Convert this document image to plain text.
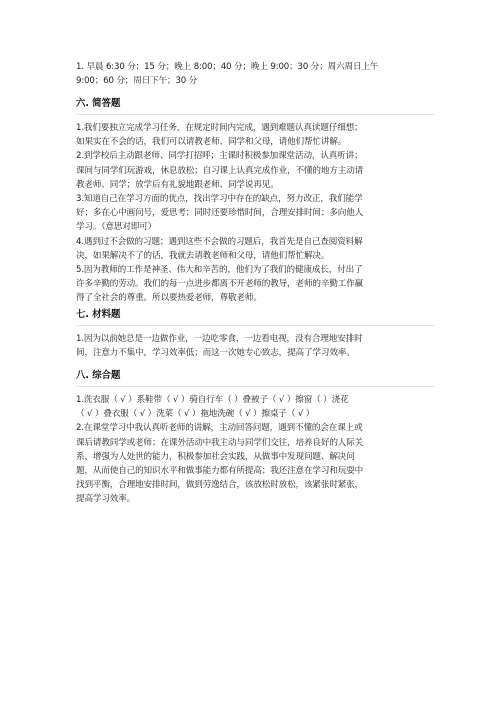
1. 早晨 6:30 分；15 分；晚上 8:00；40 分；晚上 9:00；30 分；周六周日上午
9:00；60 分；周日下午；30 分
六. 简答题
1.我们要独立完成学习任务，在规定时间内完成，遇到难题认真读题仔细想；
如果实在不会的话，我们可以请教老师、同学和父母，请他们帮忙讲解。
2.到学校后主动跟老师、同学打招呼；主课时积极参加课堂活动，认真听讲；
课间与同学们玩游戏，休息放松；自习课上认真完成作业，不懂的地方主动请
教老师、同学；放学后有礼貌地跟老师、同学说再见。
3.知道自己在学习方面的优点，找出学习中存在的缺点，努力改正，我们能学
好；多在心中画问号，爱思考；同时还要珍惜时间，合理安排时间；多向他人
学习。（意思对即可）
4.遇到过不会做的习题；遇到这些不会做的习题后，我首先是自己查阅资料解
决，如果解决不了的话，我就去请教老师和父母，请他们帮忙解决。
5.因为教师的工作是神圣、伟大和辛苦的，他们为了我们的健康成长，付出了
许多辛勤的劳动。我们的每一点进步都离不开老师的教导，老师的辛勤工作赢
得了全社会的尊重。所以要热爱老师，尊敬老师。
七. 材料题
1.因为以前她总是一边做作业，一边吃零食，一边看电视，没有合理地安排时
间，注意力不集中，学习效率低；而这一次她专心致志，提高了学习效率。
八. 综合题
1.洗衣服（ √ ）系鞋带（ √ ）骑自行车（ ）叠被子（ √ ）擦窗（ ）浇花
（ √ ）叠衣服（ √ ）洗菜（ √ ）拖地洗碗（ √ ）擦桌子（ √ ）
2.在课堂学习中我认真听老师的讲解，主动回答问题，遇到不懂的会在课上或
课后请教同学或老师；在课外活动中我主动与同学们交往，培养良好的人际关
系，增强为人处世的能力，积极参加社会实践，从做事中发现问题、解决问
题，从而使自己的知识水平和做事能力都有所提高；我还注意在学习和玩耍中
找到平衡，合理地安排时间，做到劳逸结合，该放松时放松，该紧张时紧张，
提高学习效率。
